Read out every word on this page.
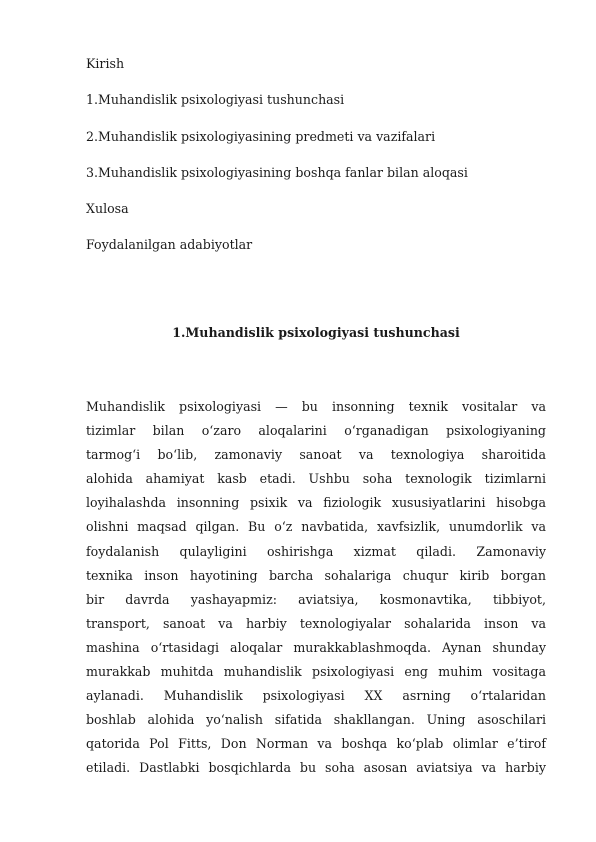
Kirish
1.Muhandislik psixologiyasi tushunchasi
2.Muhandislik psixologiyasining predmeti va vazifalari
3.Muhandislik psixologiyasining boshqa fanlar bilan aloqasi
Xulosa
Foydalanilgan adabiyotlar
1.Muhandislik psixologiyasi tushunchasi
Muhandislik psixologiyasi — bu insonning texnik vositalar va
tizimlar bilan o‘zaro aloqalarini o‘rganadigan psixologiyaning
tarmog‘i bo‘lib, zamonaviy sanoat va texnologiya sharoitida
alohida ahamiyat kasb etadi. Ushbu soha texnologik tizimlarni
loyihalashda insonning psixik va fiziologik xususiyatlarini hisobga
olishni maqsad qilgan. Bu o‘z navbatida, xavfsizlik, unumdorlik va
foydalanish qulayligini oshirishga xizmat qiladi. Zamonaviy
texnika inson hayotining barcha sohalariga chuqur kirib borgan
bir davrda yashayapmiz: aviatsiya, kosmonavtika, tibbiyot,
transport, sanoat va harbiy texnologiyalar sohalarida inson va
mashina o‘rtasidagi aloqalar murakkablashmoqda. Aynan shunday
murakkab muhitda muhandislik psixologiyasi eng muhim vositaga
aylanadi. Muhandislik psixologiyasi XX asrning o‘rtalaridan
boshlab alohida yo‘nalish sifatida shakllangan. Uning asoschilari
qatorida Pol Fitts, Don Norman va boshqa ko‘plab olimlar e’tirof
etiladi. Dastlabki bosqichlarda bu soha asosan aviatsiya va harbiy
